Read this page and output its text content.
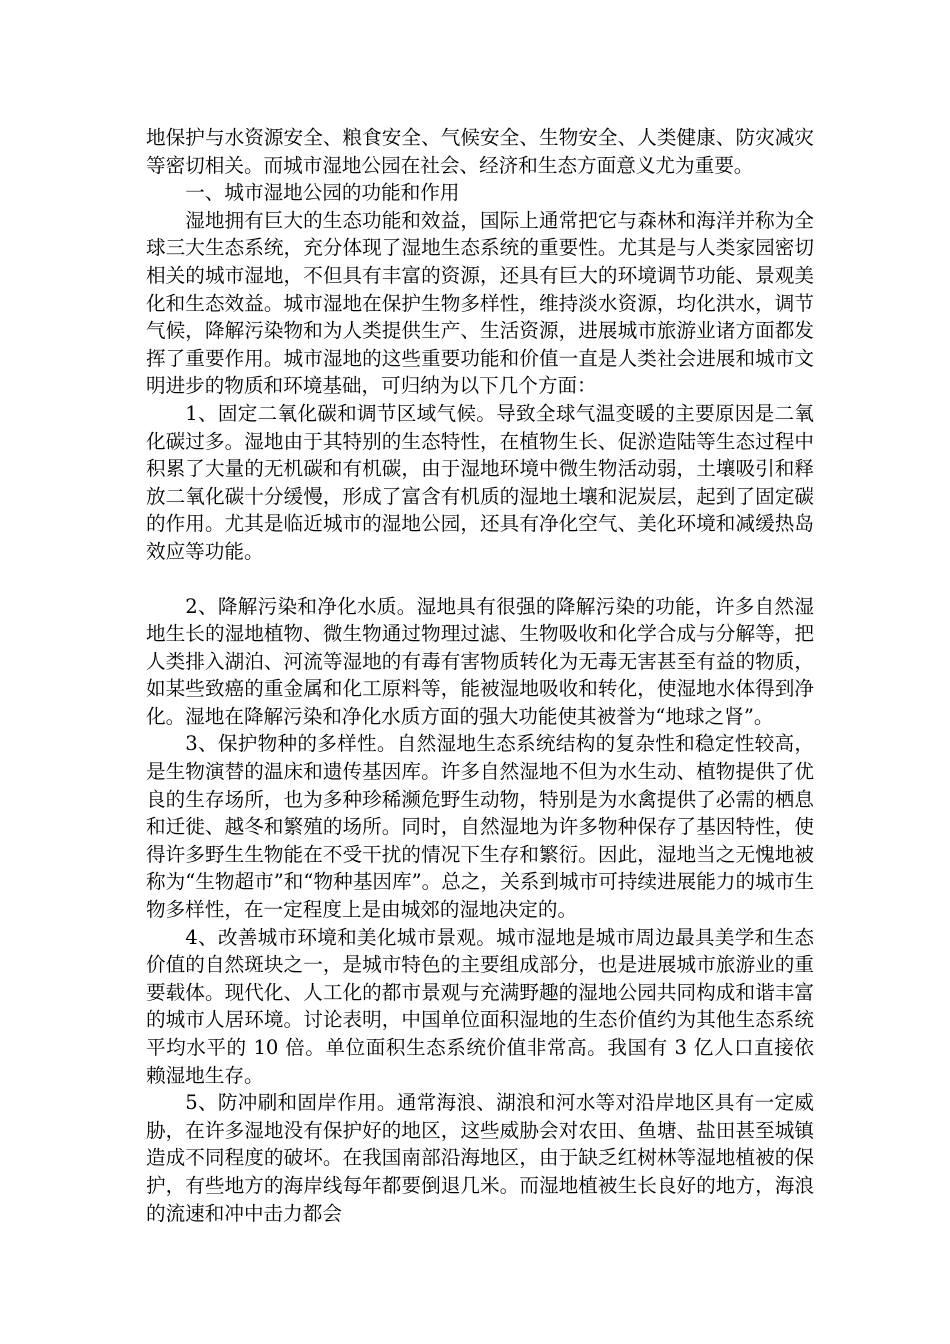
地保护与水资源安全、粮食安全、气候安全、生物安全、人类健康、防灾减灾等密切相关。而城市湿地公园在社会、经济和生态方面意义尤为重要。

一、城市湿地公园的功能和作用

湿地拥有巨大的生态功能和效益，国际上通常把它与森林和海洋并称为全球三大生态系统，充分体现了湿地生态系统的重要性。尤其是与人类家园密切相关的城市湿地，不但具有丰富的资源，还具有巨大的环境调节功能、景观美化和生态效益。城市湿地在保护生物多样性，维持淡水资源，均化洪水，调节气候，降解污染物和为人类提供生产、生活资源，进展城市旅游业诸方面都发挥了重要作用。城市湿地的这些重要功能和价值一直是人类社会进展和城市文明进步的物质和环境基础，可归纳为以下几个方面：

1、固定二氧化碳和调节区域气候。导致全球气温变暖的主要原因是二氧化碳过多。湿地由于其特别的生态特性，在植物生长、促淤造陆等生态过程中积累了大量的无机碳和有机碳，由于湿地环境中微生物活动弱，土壤吸引和释放二氧化碳十分缓慢，形成了富含有机质的湿地土壤和泥炭层，起到了固定碳的作用。尤其是临近城市的湿地公园，还具有净化空气、美化环境和减缓热岛效应等功能。

2、降解污染和净化水质。湿地具有很强的降解污染的功能，许多自然湿地生长的湿地植物、微生物通过物理过滤、生物吸收和化学合成与分解等，把人类排入湖泊、河流等湿地的有毒有害物质转化为无毒无害甚至有益的物质，如某些致癌的重金属和化工原料等，能被湿地吸收和转化，使湿地水体得到净化。湿地在降解污染和净化水质方面的强大功能使其被誉为“地球之肾”。

3、保护物种的多样性。自然湿地生态系统结构的复杂性和稳定性较高，是生物演替的温床和遗传基因库。许多自然湿地不但为水生动、植物提供了优良的生存场所，也为多种珍稀濒危野生动物，特别是为水禽提供了必需的栖息和迁徙、越冬和繁殖的场所。同时，自然湿地为许多物种保存了基因特性，使得许多野生生物能在不受干扰的情况下生存和繁衍。因此，湿地当之无愧地被称为“生物超市”和“物种基因库”。总之，关系到城市可持续进展能力的城市生物多样性，在一定程度上是由城郊的湿地决定的。

4、改善城市环境和美化城市景观。城市湿地是城市周边最具美学和生态价值的自然斑块之一，是城市特色的主要组成部分，也是进展城市旅游业的重要载体。现代化、人工化的都市景观与充满野趣的湿地公园共同构成和谐丰富的城市人居环境。讨论表明，中国单位面积湿地的生态价值约为其他生态系统平均水平的 10 倍。单位面积生态系统价值非常高。我国有 3 亿人口直接依赖湿地生存。

5、防冲刷和固岸作用。通常海浪、湖浪和河水等对沿岸地区具有一定威胁，在许多湿地没有保护好的地区，这些威胁会对农田、鱼塘、盐田甚至城镇造成不同程度的破坏。在我国南部沿海地区，由于缺乏红树林等湿地植被的保护，有些地方的海岸线每年都要倒退几米。而湿地植被生长良好的地方，海浪的流速和冲中击力都会
